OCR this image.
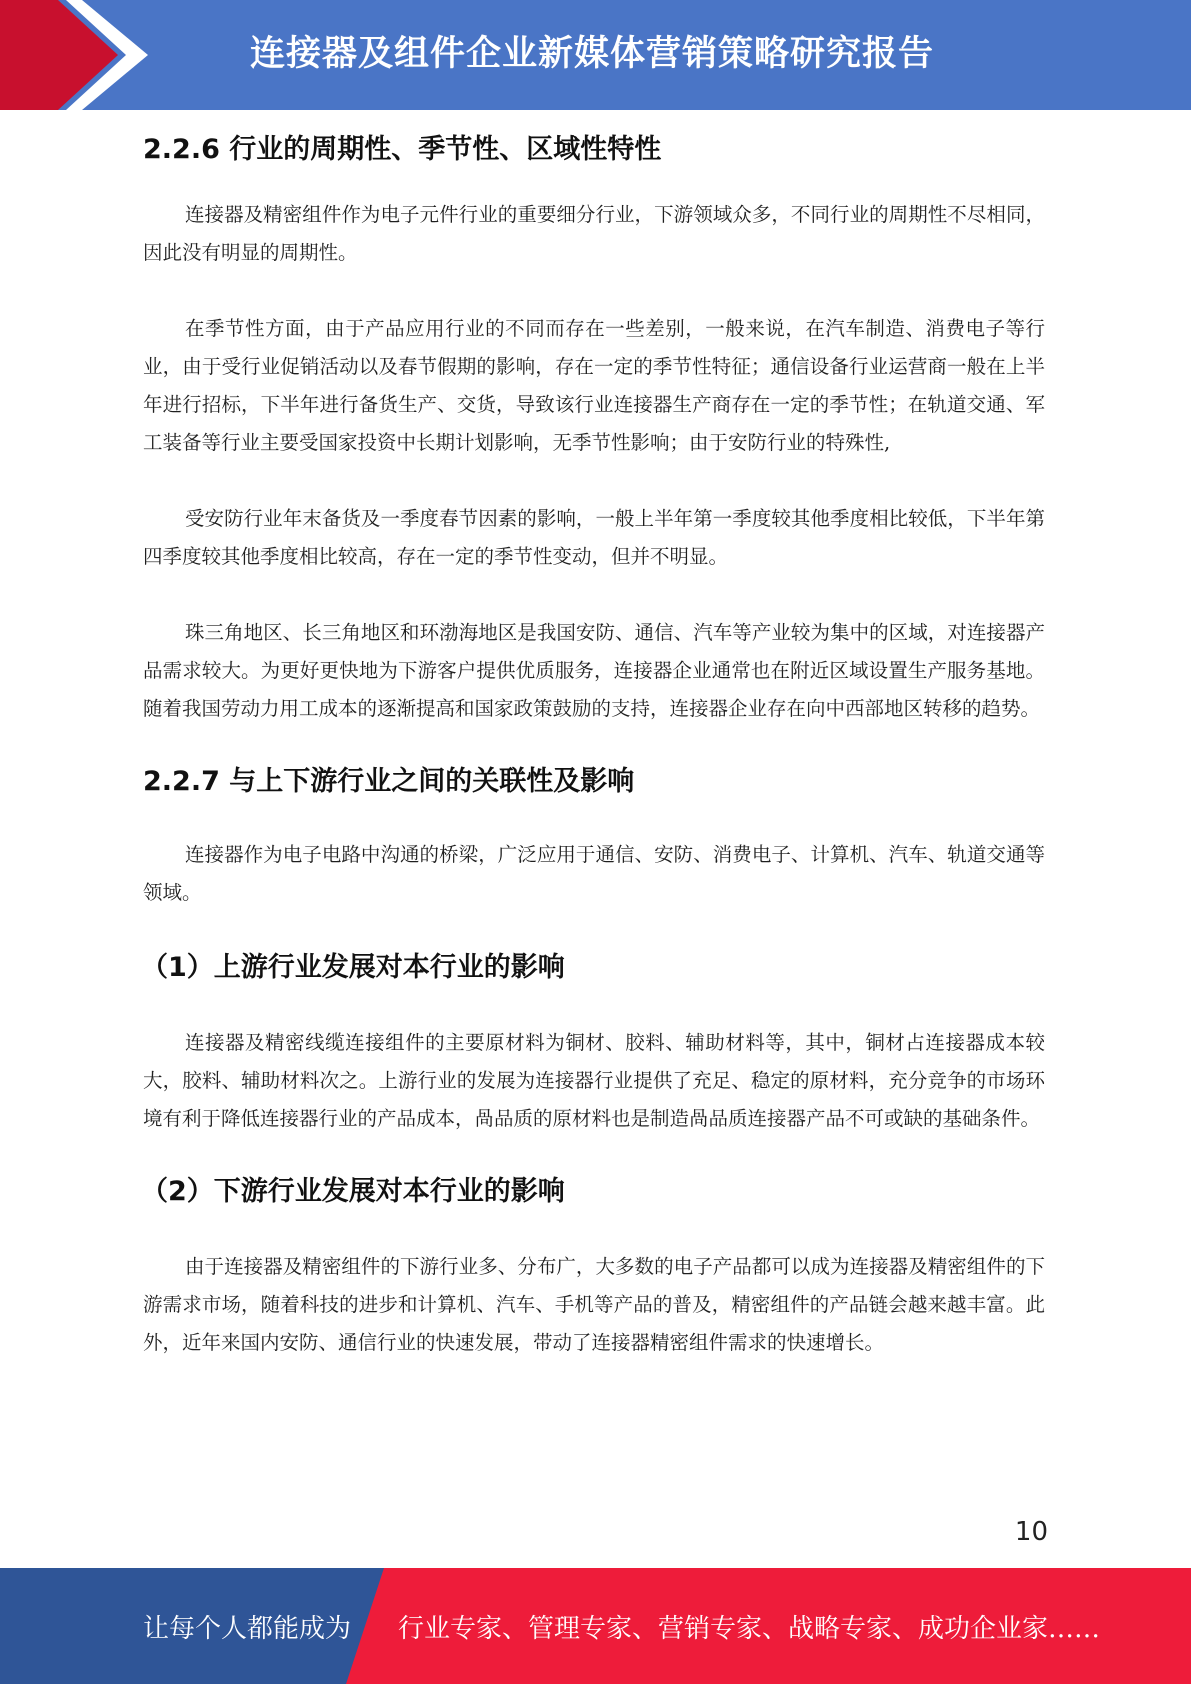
连接器及组件企业新媒体营销策略研究报告
2.2.6 行业的周期性、季节性、区域性特性

连接器及精密组件作为电子元件行业的重要细分行业，下游领域众多，不同行业的周期性不尽相同，因此没有明显的周期性。

在季节性方面，由于产品应用行业的不同而存在一些差别，一般来说，在汽车制造、消费电子等行业，由于受行业促销活动以及春节假期的影响，存在一定的季节性特征；通信设备行业运营商一般在上半年进行招标，下半年进行备货生产、交货，导致该行业连接器生产商存在一定的季节性；在轨道交通、军工装备等行业主要受国家投资中长期计划影响，无季节性影响；由于安防行业的特殊性,

受安防行业年末备货及一季度春节因素的影响，一般上半年第一季度较其他季度相比较低，下半年第四季度较其他季度相比较高，存在一定的季节性变动，但并不明显。

珠三角地区、长三角地区和环渤海地区是我国安防、通信、汽车等产业较为集中的区域，对连接器产品需求较大。为更好更快地为下游客户提供优质服务，连接器企业通常也在附近区域设置生产服务基地。随着我国劳动力用工成本的逐渐提高和国家政策鼓励的支持，连接器企业存在向中西部地区转移的趋势。

2.2.7 与上下游行业之间的关联性及影响

连接器作为电子电路中沟通的桥梁，广泛应用于通信、安防、消费电子、计算机、汽车、轨道交通等领域。

（1）上游行业发展对本行业的影响

连接器及精密线缆连接组件的主要原材料为铜材、胶料、辅助材料等，其中，铜材占连接器成本较大，胶料、辅助材料次之。上游行业的发展为连接器行业提供了充足、稳定的原材料，充分竞争的市场环境有利于降低连接器行业的产品成本，咼品质的原材料也是制造咼品质连接器产品不可或缺的基础条件。

（2）下游行业发展对本行业的影响

由于连接器及精密组件的下游行业多、分布广，大多数的电子产品都可以成为连接器及精密组件的下游需求市场，随着科技的进步和计算机、汽车、手机等产品的普及，精密组件的产品链会越来越丰富。此外，近年来国内安防、通信行业的快速发展，带动了连接器精密组件需求的快速增长。

10
让每个人都能成为 行业专家、管理专家、营销专家、战略专家、成功企业家……
